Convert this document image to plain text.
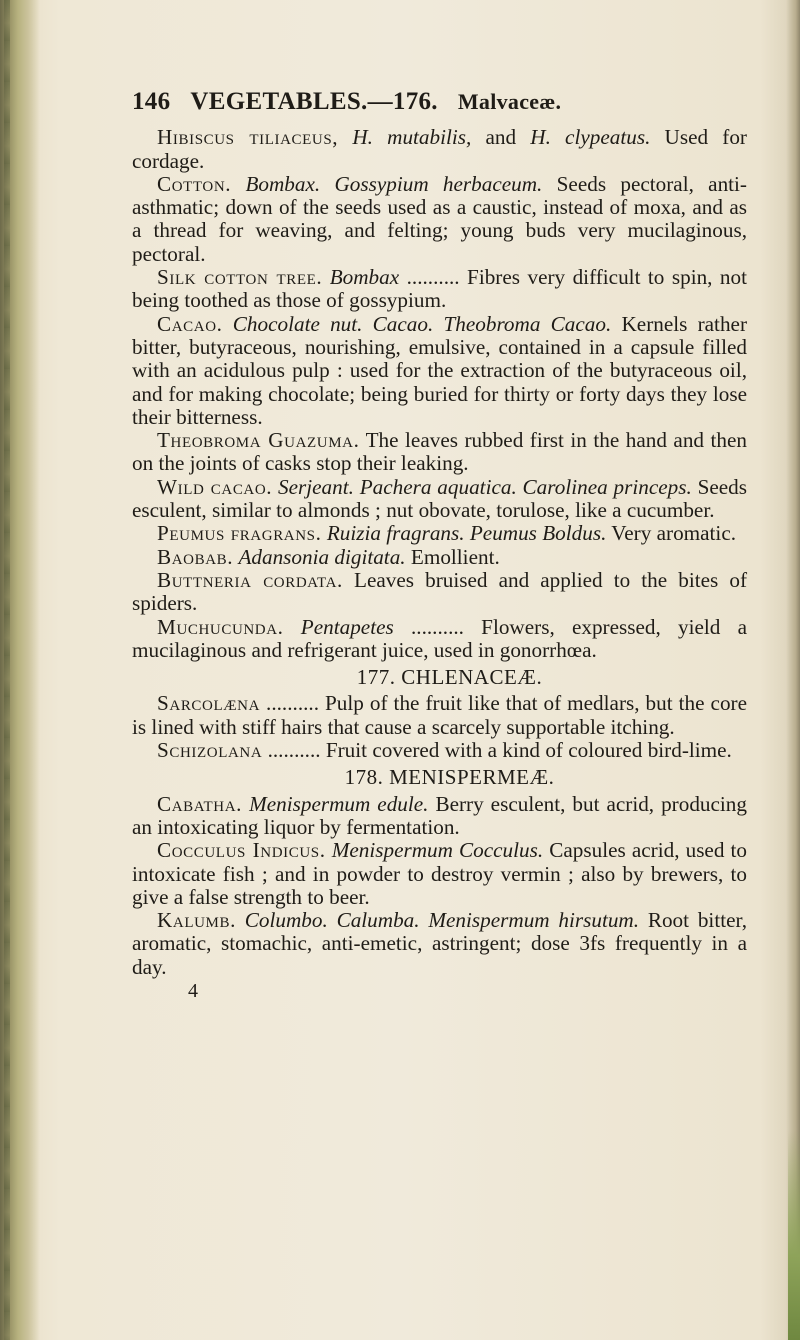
146 VEGETABLES.—176. Malvaceæ.

Hibiscus tiliaceus, H. mutabilis, and H. clypeatus. Used for cordage.

Cotton. Bombax. Gossypium herbaceum. Seeds pectoral, anti-asthmatic; down of the seeds used as a caustic, instead of moxa, and as a thread for weaving, and felting; young buds very mucilaginous, pectoral.

Silk cotton tree. Bombax .......... Fibres very difficult to spin, not being toothed as those of gossypium.

Cacao. Chocolate nut. Cacao. Theobroma Cacao. Kernels rather bitter, butyraceous, nourishing, emulsive, contained in a capsule filled with an acidulous pulp : used for the extraction of the butyraceous oil, and for making chocolate; being buried for thirty or forty days they lose their bitterness.

Theobroma Guazuma. The leaves rubbed first in the hand and then on the joints of casks stop their leaking.

Wild cacao. Serjeant. Pachera aquatica. Carolinea princeps. Seeds esculent, similar to almonds ; nut obovate, torulose, like a cucumber.

Peumus fragrans. Ruizia fragrans. Peumus Boldus. Very aromatic.

Baobab. Adansonia digitata. Emollient.

Buttneria cordata. Leaves bruised and applied to the bites of spiders.

Muchucunda. Pentapetes .......... Flowers, expressed, yield a mucilaginous and refrigerant juice, used in gonorrhœa.

177. CHLENACEÆ.

Sarcolæna .......... Pulp of the fruit like that of medlars, but the core is lined with stiff hairs that cause a scarcely supportable itching.

Schizolana .......... Fruit covered with a kind of coloured bird-lime.

178. MENISPERMEÆ.

Cabatha. Menispermum edule. Berry esculent, but acrid, producing an intoxicating liquor by fermentation.

Cocculus Indicus. Menispermum Cocculus. Capsules acrid, used to intoxicate fish ; and in powder to destroy vermin ; also by brewers, to give a false strength to beer.

Kalumb. Columbo. Calumba. Menispermum hirsutum. Root bitter, aromatic, stomachic, anti-emetic, astringent; dose 3fs frequently in a day.

4
